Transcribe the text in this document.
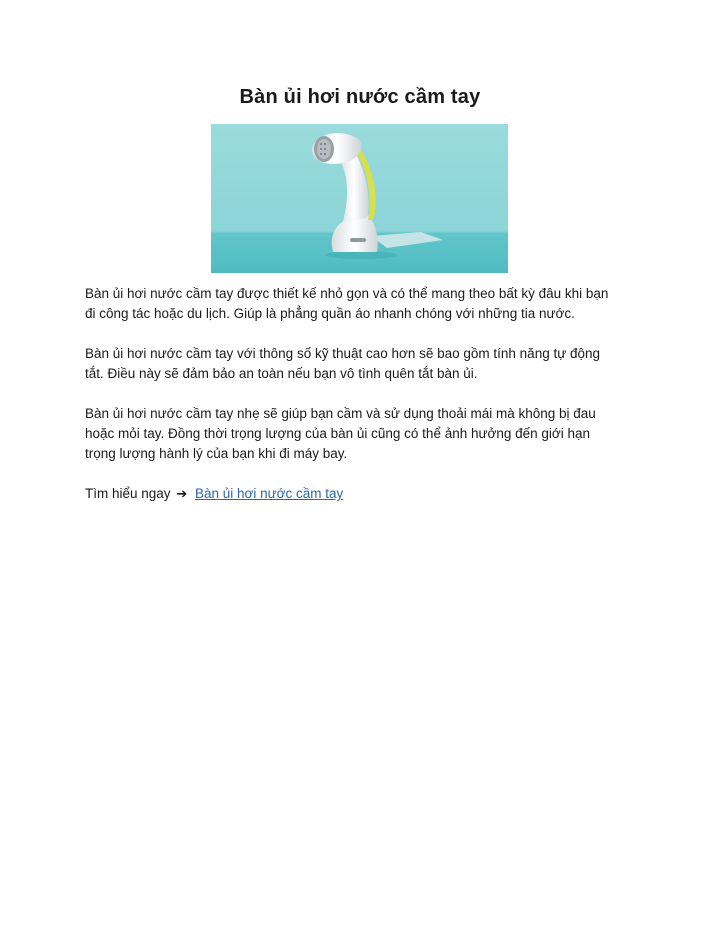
Bàn ủi hơi nước cầm tay

Bàn ủi hơi nước cầm tay được thiết kế nhỏ gọn và có thể mang theo bất kỳ đâu khi bạn
đi công tác hoặc du lịch. Giúp là phẳng quần áo nhanh chóng với những tia nước.

Bàn ủi hơi nước cầm tay với thông số kỹ thuật cao hơn sẽ bao gồm tính năng tự động
tắt. Điều này sẽ đảm bảo an toàn nếu bạn vô tình quên tắt bàn ủi.

Bàn ủi hơi nước cầm tay nhẹ sẽ giúp bạn cầm và sử dụng thoải mái mà không bị đau
hoặc mỏi tay. Đồng thời trọng lượng của bàn ủi cũng có thể ảnh hưởng đến giới hạn
trọng lượng hành lý của bạn khi đi máy bay.

Tìm hiểu ngay ➔ Bàn ủi hơi nước cầm tay
